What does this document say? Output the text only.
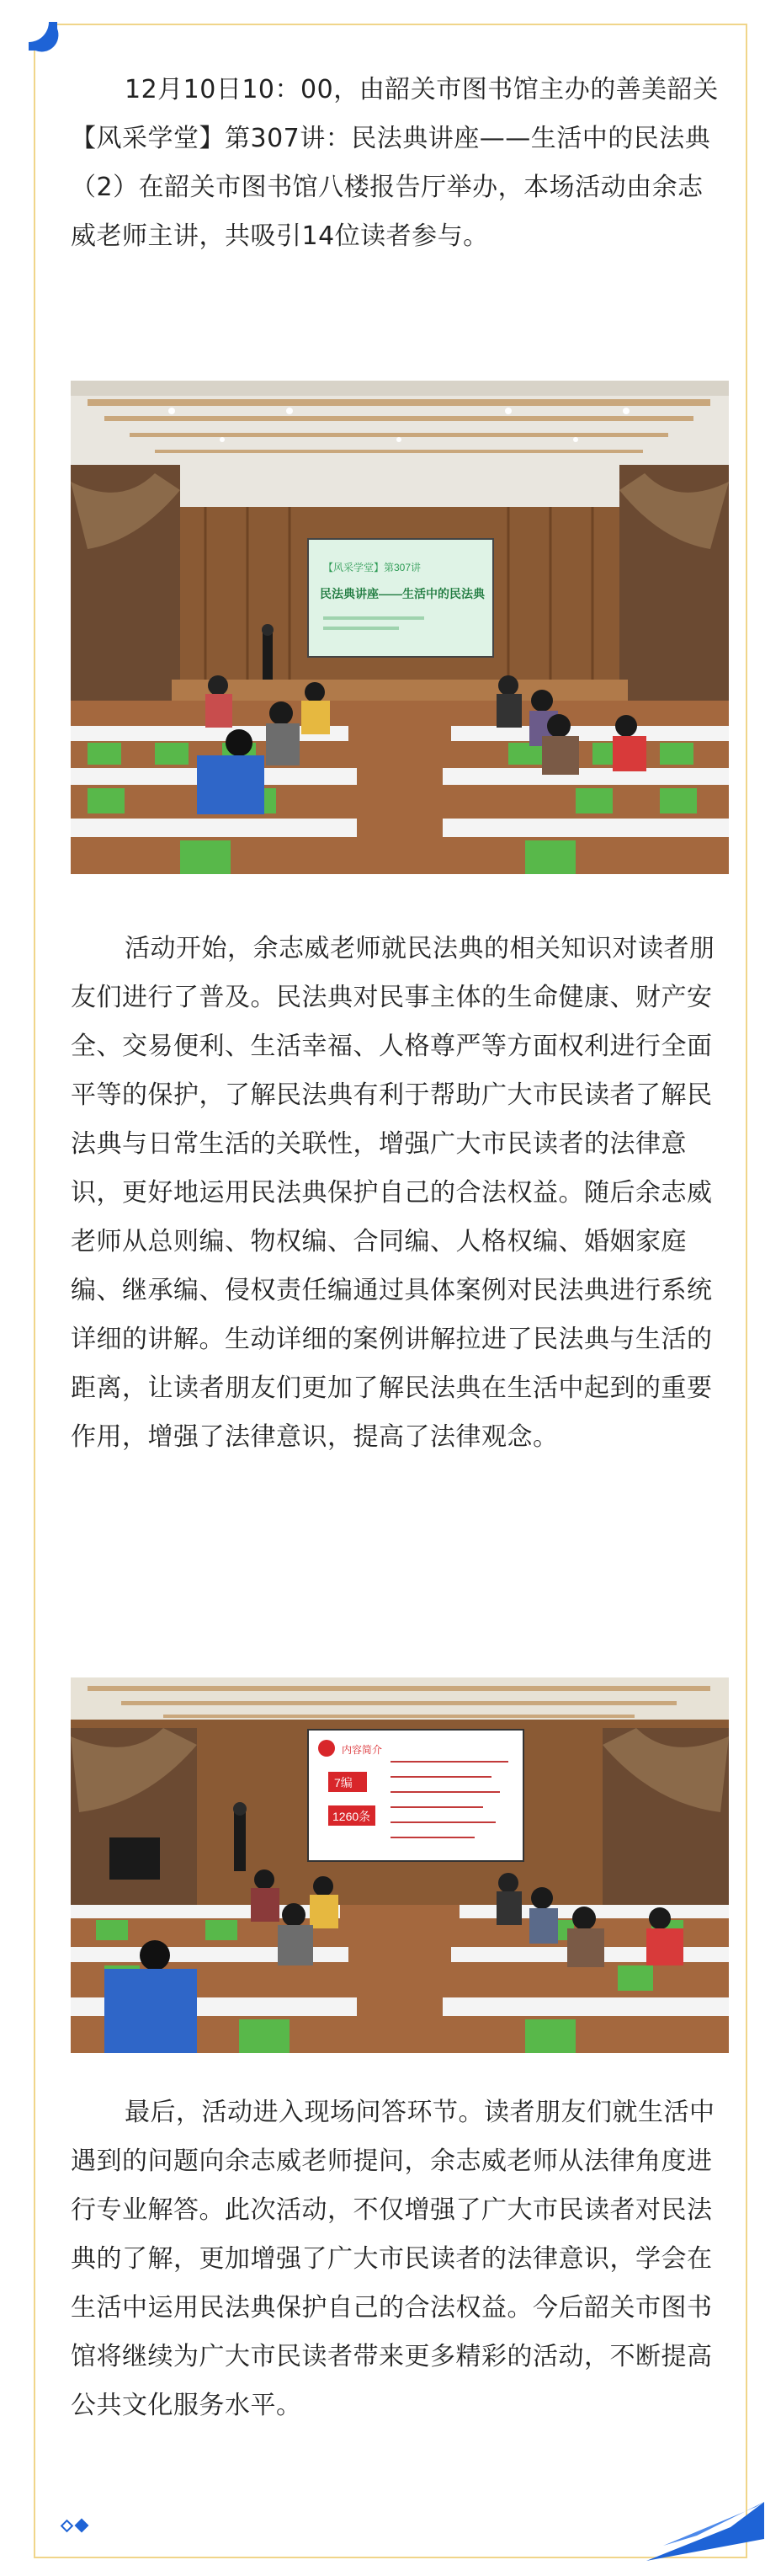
12月10日10：00，由韶关市图书馆主办的善美韶关【风采学堂】第307讲：民法典讲座——生活中的民法典（2）在韶关市图书馆八楼报告厅举办，本场活动由余志威老师主讲，共吸引14位读者参与。

【风采学堂】第307讲
民法典讲座——生活中的民法典

活动开始，余志威老师就民法典的相关知识对读者朋友们进行了普及。民法典对民事主体的生命健康、财产安全、交易便利、生活幸福、人格尊严等方面权利进行全面平等的保护，了解民法典有利于帮助广大市民读者了解民法典与日常生活的关联性，增强广大市民读者的法律意识，更好地运用民法典保护自己的合法权益。随后余志威老师从总则编、物权编、合同编、人格权编、婚姻家庭编、继承编、侵权责任编通过具体案例对民法典进行系统详细的讲解。生动详细的案例讲解拉进了民法典与生活的距离，让读者朋友们更加了解民法典在生活中起到的重要作用，增强了法律意识，提高了法律观念。

内容简介
7编
1260条

最后，活动进入现场问答环节。读者朋友们就生活中遇到的问题向余志威老师提问，余志威老师从法律角度进行专业解答。此次活动，不仅增强了广大市民读者对民法典的了解，更加增强了广大市民读者的法律意识，学会在生活中运用民法典保护自己的合法权益。今后韶关市图书馆将继续为广大市民读者带来更多精彩的活动，不断提高公共文化服务水平。
